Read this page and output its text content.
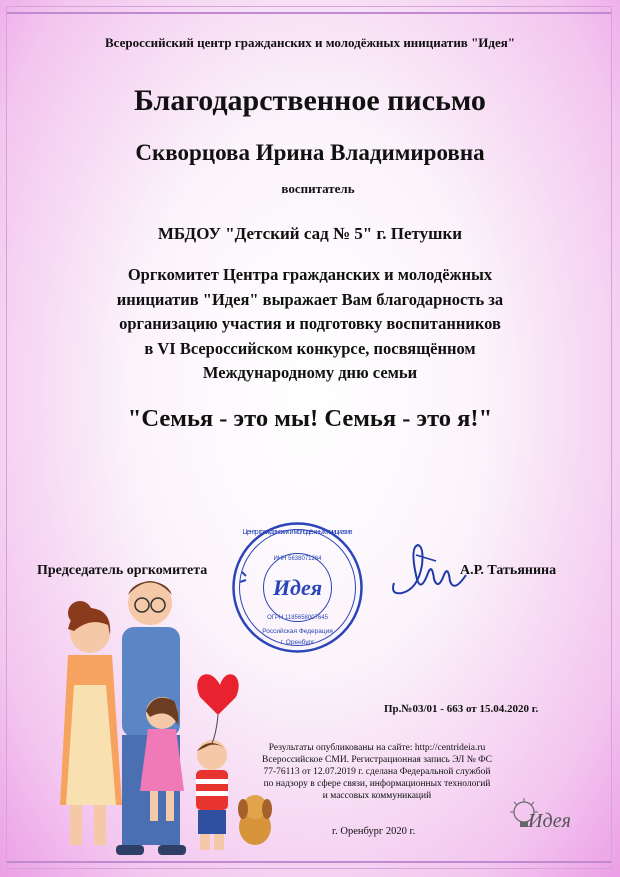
Всероссийский центр гражданских и молодёжных инициатив "Идея"
Благодарственное письмо
Скворцова Ирина Владимировна
воспитатель
МБДОУ "Детский сад № 5" г. Петушки
Оргкомитет Центра гражданских и молодёжных
инициатив "Идея" выражает Вам благодарность за
организацию участия и подготовку воспитанников
в VI Всероссийском конкурсе, посвящённом
Международному дню семьи
"Семья - это мы! Семья - это я!"
Идея
Центр гражданских и молодёжных инициатив
ИНН 5638071264
ОГРН 1185658007645
Российская Федерация
г. Оренбург
Председатель оргкомитета	А.Р. Татьянина
Пр.№03/01 - 663 от 15.04.2020 г.
Результаты опубликованы на сайте: http://centrideia.ru
Всероссийское СМИ. Регистрационная запись ЭЛ № ФС
77-76113 от 12.07.2019 г. сделана Федеральной службой
по надзору в сфере связи, информационных технологий
и массовых коммуникаций
г. Оренбург 2020 г.	Идея
